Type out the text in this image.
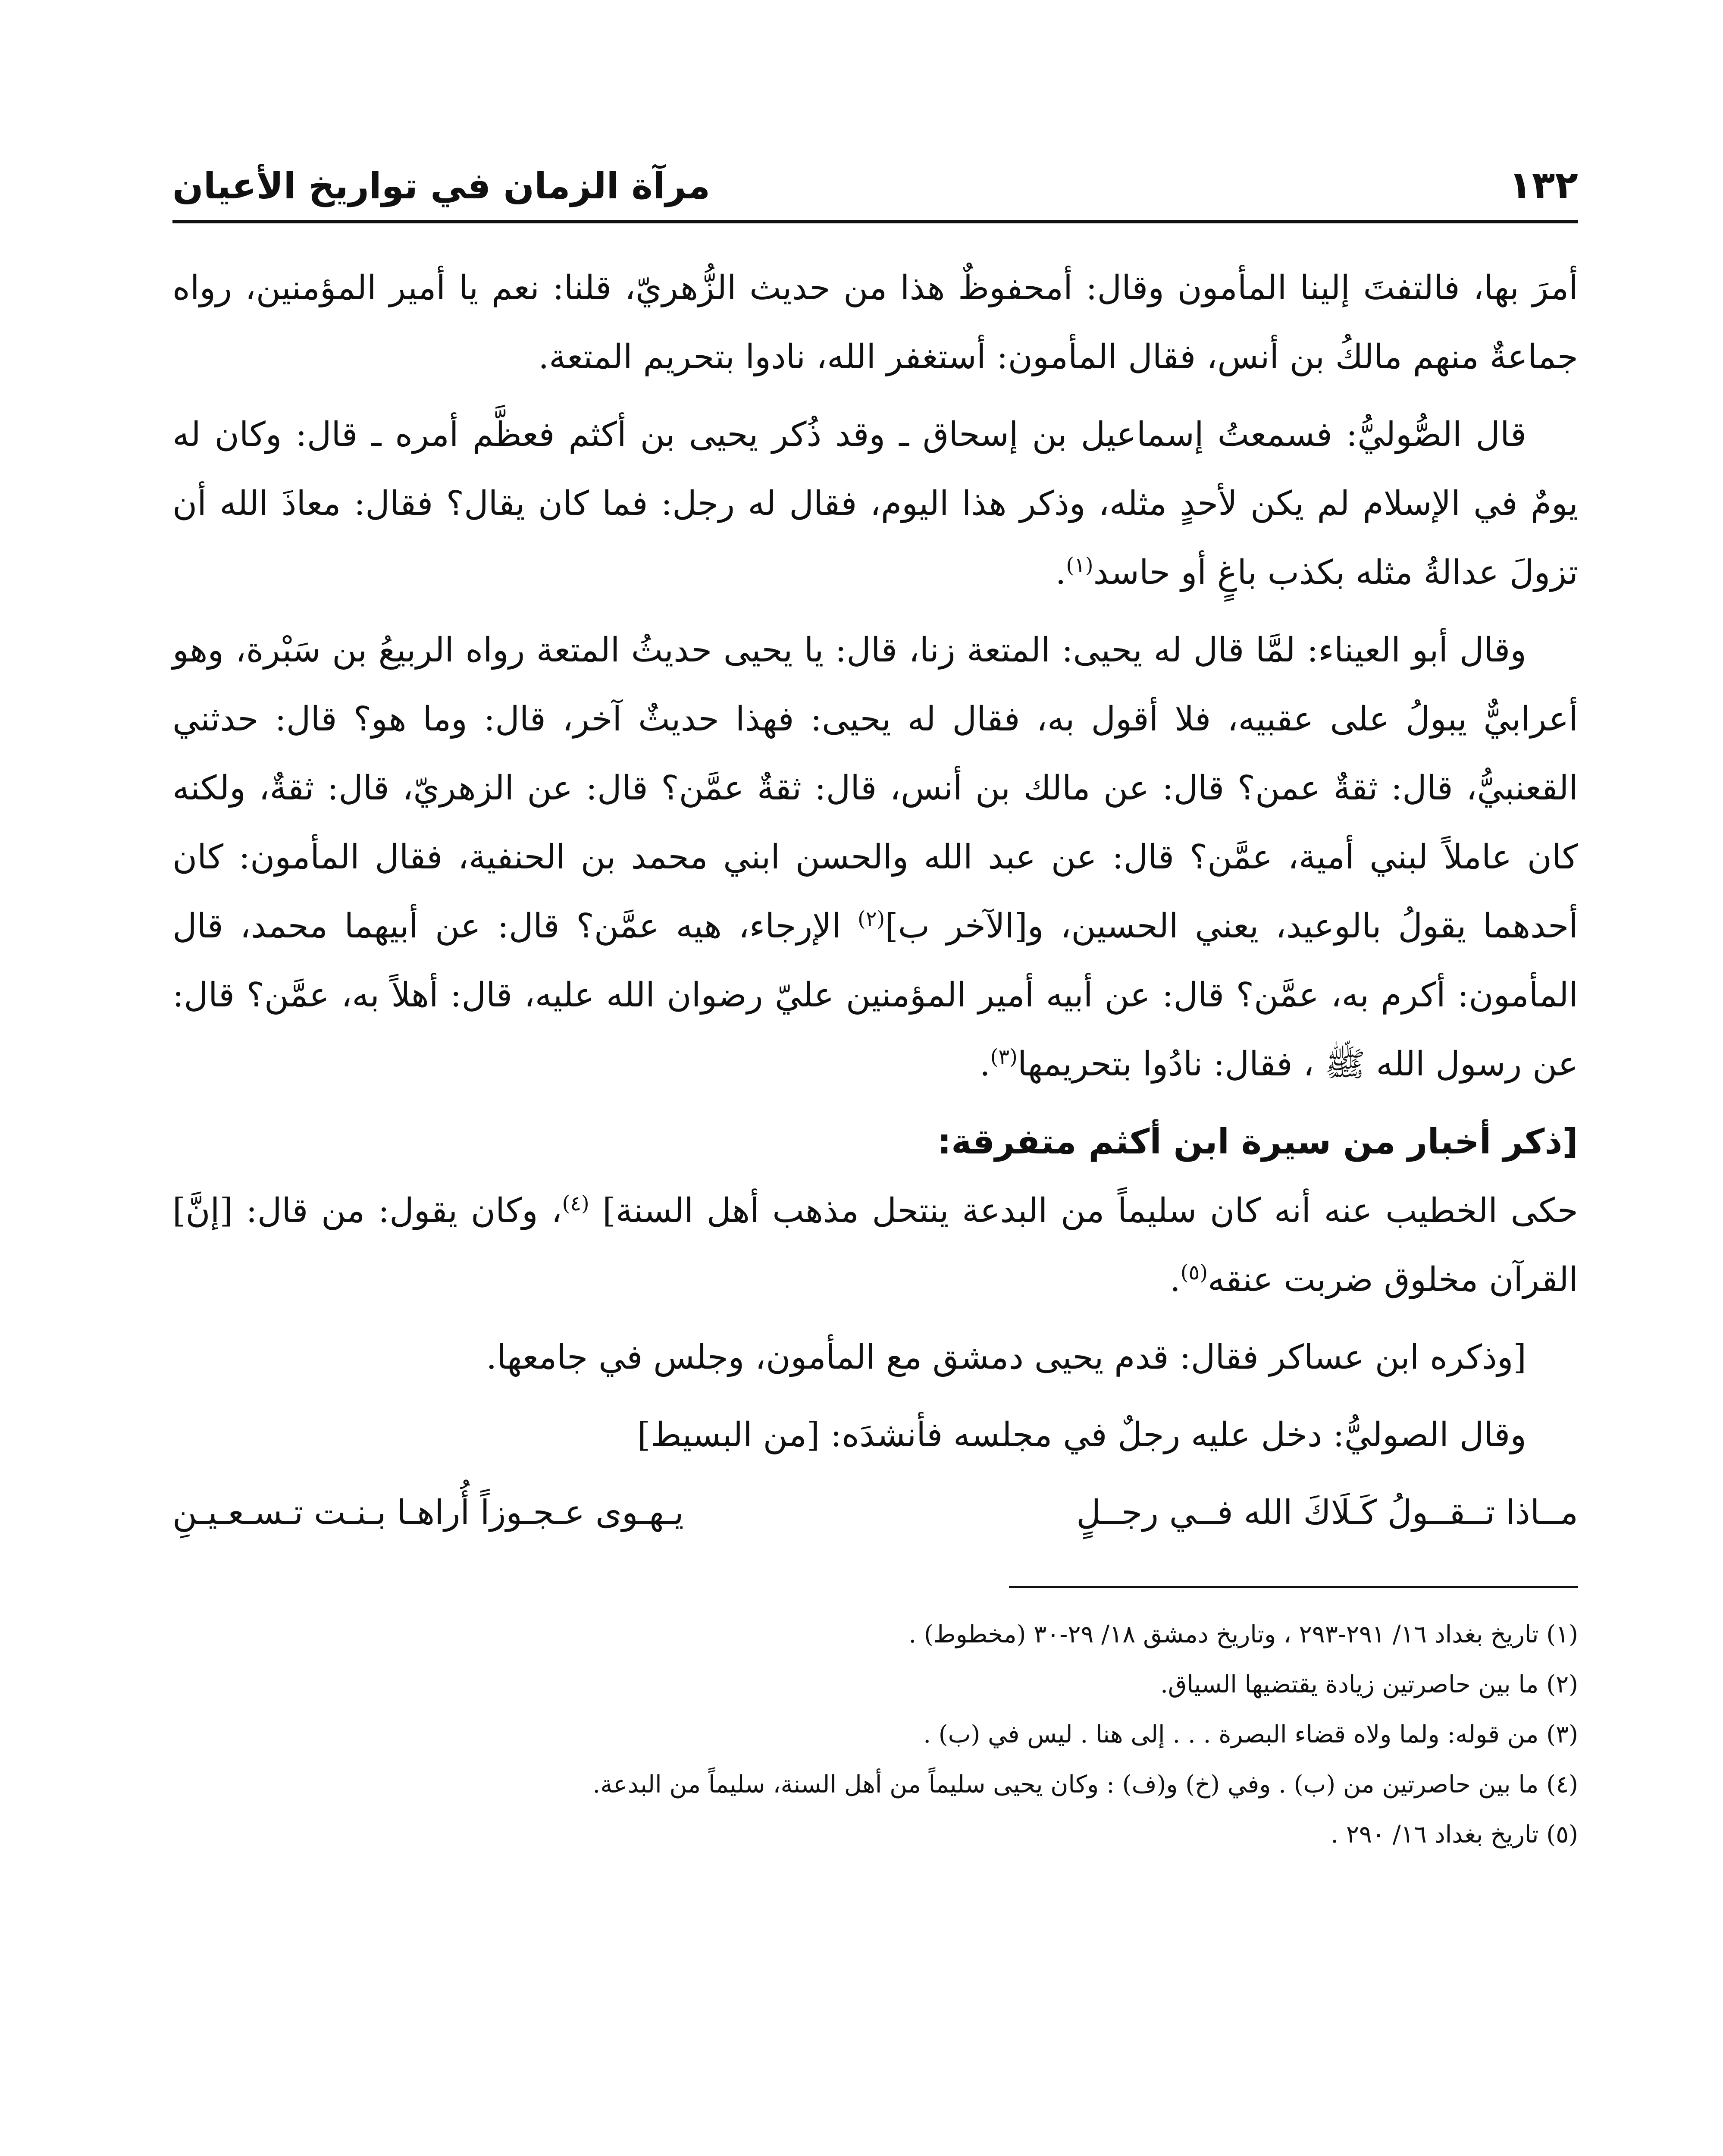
١٣٢
مرآة الزمان في تواريخ الأعيان

أمرَ بها، فالتفتَ إلينا المأمون وقال: أمحفوظٌ هذا من حديث الزُّهريّ، قلنا: نعم يا أمير المؤمنين، رواه جماعةٌ منهم مالكُ بن أنس، فقال المأمون: أستغفر الله، نادوا بتحريم المتعة.

قال الصُّوليُّ: فسمعتُ إسماعيل بن إسحاق ـ وقد ذُكر يحيى بن أكثم فعظَّم أمره ـ قال: وكان له يومٌ في الإسلام لم يكن لأحدٍ مثله، وذكر هذا اليوم، فقال له رجل: فما كان يقال؟ فقال: معاذَ الله أن تزولَ عدالةُ مثله بكذب باغٍ أو حاسد$^{(١)}$.

وقال أبو العيناء: لمَّا قال له يحيى: المتعة زنا، قال: يا يحيى حديثُ المتعة رواه الربيعُ بن سَبْرة، وهو أعرابيٌّ يبولُ على عقبيه، فلا أقول به، فقال له يحيى: فهذا حديثٌ آخر، قال: وما هو؟ قال: حدثني القعنبيُّ، قال: ثقةٌ عمن؟ قال: عن مالك بن أنس، قال: ثقةٌ عمَّن؟ قال: عن الزهريّ، قال: ثقةٌ، ولكنه كان عاملاً لبني أمية، عمَّن؟ قال: عن عبد الله والحسن ابني محمد بن الحنفية، فقال المأمون: كان أحدهما يقولُ بالوعيد، يعني الحسين، و[الآخر ب]$^{(٢)}$ الإرجاء، هيه عمَّن؟ قال: عن أبيهما محمد، قال المأمون: أكرم به، عمَّن؟ قال: عن أبيه أمير المؤمنين عليّ رضوان الله عليه، قال: أهلاً به، عمَّن؟ قال: عن رسول الله ﷺ ، فقال: نادُوا بتحريمها$^{(٣)}$.

[ذكر أخبار من سيرة ابن أكثم متفرقة:

حكى الخطيب عنه أنه كان سليماً من البدعة ينتحل مذهب أهل السنة] $^{(٤)}$، وكان يقول: من قال: [إنَّ] القرآن مخلوق ضربت عنقه$^{(٥)}$.

[وذكره ابن عساكر فقال: قدم يحيى دمشق مع المأمون، وجلس في جامعها.

وقال الصوليُّ: دخل عليه رجلٌ في مجلسه فأنشدَه: [من البسيط]

مــاذا تــقــولُ كَـلَاكَ الله فــي رجــلٍ
يـهـوى عـجـوزاً أُراهـا بـنـت تـسـعـيـنِ

(١) تاريخ بغداد ١٦/ ٢٩١-٢٩٣ ، وتاريخ دمشق ١٨/ ٢٩-٣٠ (مخطوط) .

(٢) ما بين حاصرتين زيادة يقتضيها السياق.

(٣) من قوله: ولما ولاه قضاء البصرة . . . إلى هنا . ليس في (ب) .

(٤) ما بين حاصرتين من (ب) . وفي (خ) و(ف) : وكان يحيى سليماً من أهل السنة، سليماً من البدعة.

(٥) تاريخ بغداد ١٦/ ٢٩٠ .
